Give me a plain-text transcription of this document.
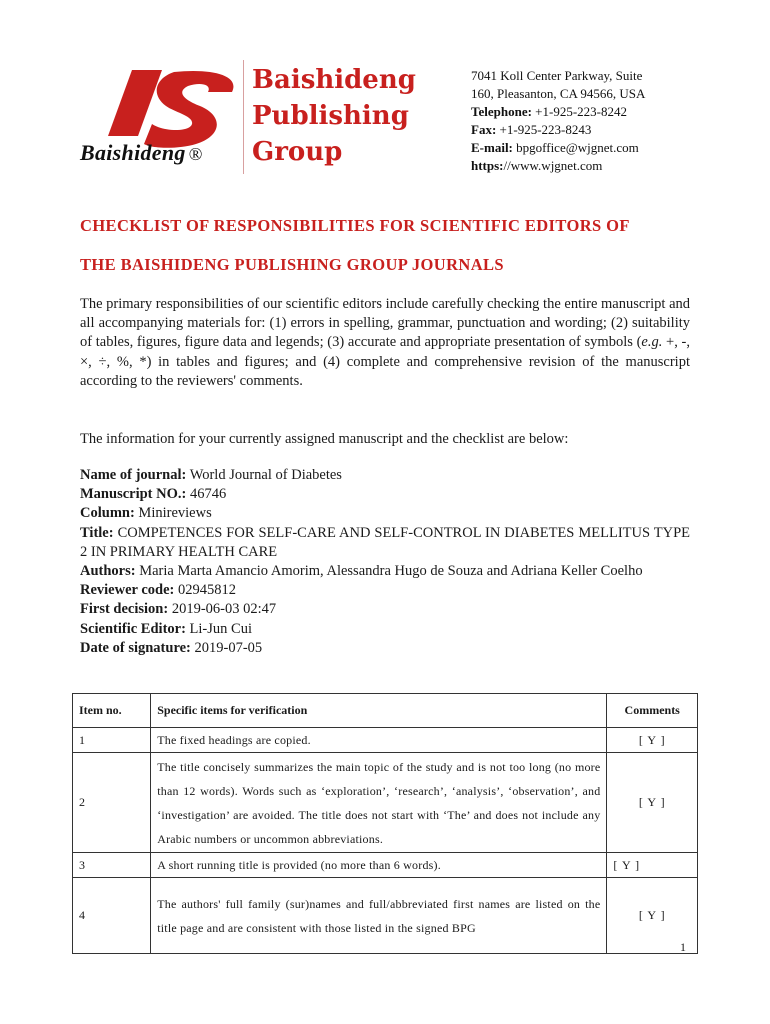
Baishideng ®
Baishideng
Publishing
Group
7041 Koll Center Parkway, Suite
160, Pleasanton, CA 94566, USA
Telephone: +1-925-223-8242
Fax: +1-925-223-8243
E-mail: bpgoffice@wjgnet.com
https://www.wjgnet.com
CHECKLIST OF RESPONSIBILITIES FOR SCIENTIFIC EDITORS OF
THE BAISHIDENG PUBLISHING GROUP JOURNALS
The primary responsibilities of our scientific editors include carefully checking the entire manuscript and all accompanying materials for: (1) errors in spelling, grammar, punctuation and wording; (2) suitability of tables, figures, figure data and legends; (3) accurate and appropriate presentation of symbols (e.g. +, -, ×, ÷, %, *) in tables and figures; and (4) complete and comprehensive revision of the manuscript according to the reviewers' comments.
The information for your currently assigned manuscript and the checklist are below:
Name of journal: World Journal of Diabetes
Manuscript NO.: 46746
Column: Minireviews
Title: COMPETENCES FOR SELF-CARE AND SELF-CONTROL IN DIABETES MELLITUS TYPE 2 IN PRIMARY HEALTH CARE
Authors: Maria Marta Amancio Amorim, Alessandra Hugo de Souza and Adriana Keller Coelho
Reviewer code: 02945812
First decision: 2019-06-03 02:47
Scientific Editor: Li-Jun Cui
Date of signature: 2019-07-05
Item no.	Specific items for verification	Comments
1	The fixed headings are copied.	[ Y ]
2	The title concisely summarizes the main topic of the study and is not too long (no more than 12 words). Words such as ‘exploration’, ‘research’, ‘analysis’, ‘observation’, and ‘investigation’ are avoided. The title does not start with ‘The’ and does not include any Arabic numbers or uncommon abbreviations.	[ Y ]
3	A short running title is provided (no more than 6 words).	[ Y ]
4	The authors' full family (sur)names and full/abbreviated first names are listed on the title page and are consistent with those listed in the signed BPG	[ Y ]
1
